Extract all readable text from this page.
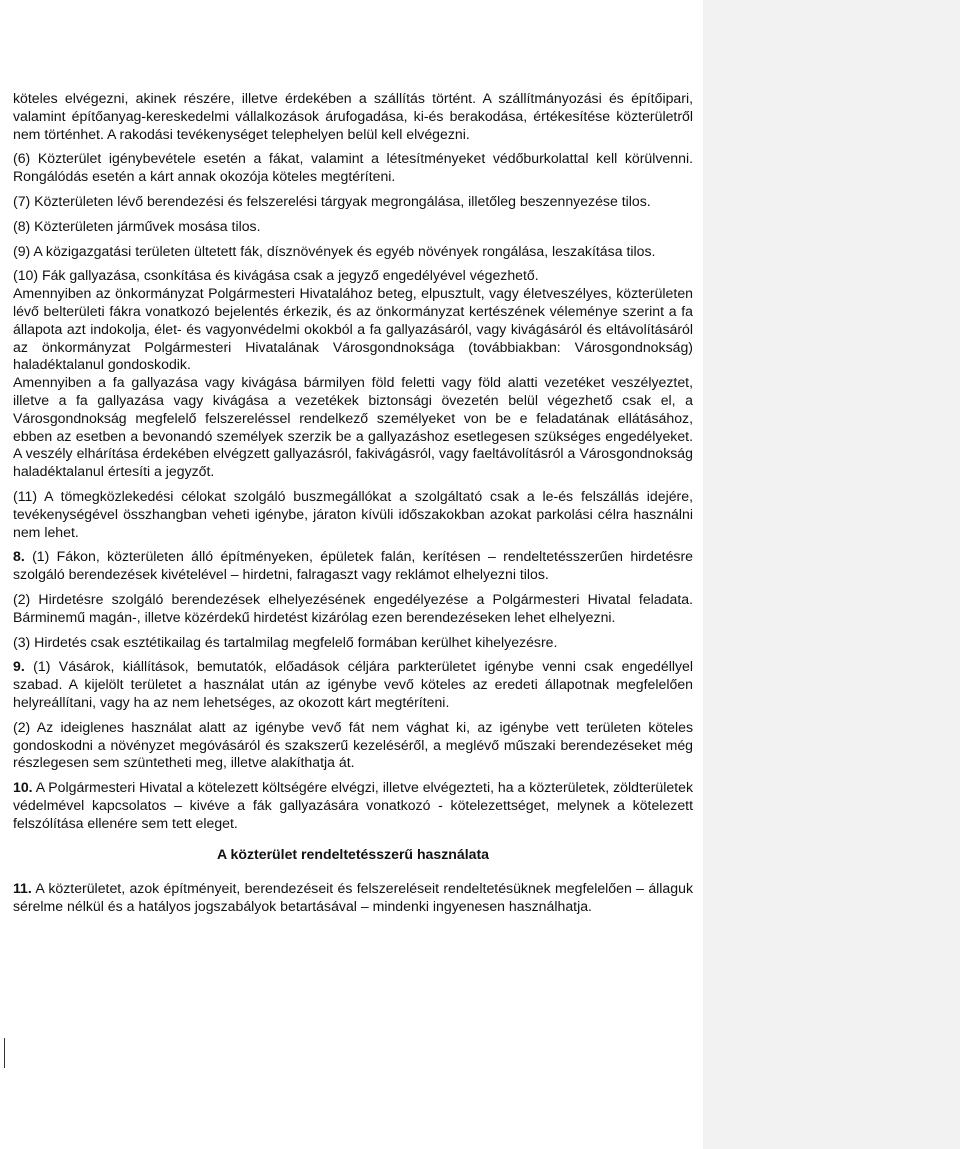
köteles elvégezni, akinek részére, illetve érdekében a szállítás történt. A szállítmányozási és építőipari, valamint építőanyag-kereskedelmi vállalkozások árufogadása, ki-és berakodása, értékesítése közterületről nem történhet. A rakodási tevékenységet telephelyen belül kell elvégezni.

(6) Közterület igénybevétele esetén a fákat, valamint a létesítményeket védőburkolattal kell körülvenni. Rongálódás esetén a kárt annak okozója köteles megtéríteni.

(7) Közterületen lévő berendezési és felszerelési tárgyak megrongálása, illetőleg beszennyezése tilos.

(8) Közterületen járművek mosása tilos.

(9) A közigazgatási területen ültetett fák, dísznövények és egyéb növények rongálása, leszakítása tilos.

(10) Fák gallyazása, csonkítása és kivágása csak a jegyző engedélyével végezhető.

Amennyiben az önkormányzat Polgármesteri Hivatalához beteg, elpusztult, vagy életveszélyes, közterületen lévő belterületi fákra vonatkozó bejelentés érkezik, és az önkormányzat kertészének véleménye szerint a fa állapota azt indokolja, élet- és vagyonvédelmi okokból a fa gallyazásáról, vagy kivágásáról és eltávolításáról az önkormányzat Polgármesteri Hivatalának Városgondnoksága (továbbiakban: Városgondnokság) haladéktalanul gondoskodik.

Amennyiben a fa gallyazása vagy kivágása bármilyen föld feletti vagy föld alatti vezetéket veszélyeztet, illetve a fa gallyazása vagy kivágása a vezetékek biztonsági övezetén belül végezhető csak el, a Városgondnokság megfelelő felszereléssel rendelkező személyeket von be e feladatának ellátásához, ebben az esetben a bevonandó személyek szerzik be a gallyazáshoz esetlegesen szükséges engedélyeket. A veszély elhárítása érdekében elvégzett gallyazásról, fakivágásról, vagy faeltávolításról a Városgondnokság haladéktalanul értesíti a jegyzőt.

(11) A tömegközlekedési célokat szolgáló buszmegállókat a szolgáltató csak a le-és felszállás idejére, tevékenységével összhangban veheti igénybe, járaton kívüli időszakokban azokat parkolási célra használni nem lehet.

8. (1) Fákon, közterületen álló építményeken, épületek falán, kerítésen – rendeltetésszerűen hirdetésre szolgáló berendezések kivételével – hirdetni, falragaszt vagy reklámot elhelyezni tilos.

(2) Hirdetésre szolgáló berendezések elhelyezésének engedélyezése a Polgármesteri Hivatal feladata. Bárminemű magán-, illetve közérdekű hirdetést kizárólag ezen berendezéseken lehet elhelyezni.

(3) Hirdetés csak esztétikailag és tartalmilag megfelelő formában kerülhet kihelyezésre.

9. (1) Vásárok, kiállítások, bemutatók, előadások céljára parkterületet igénybe venni csak engedéllyel szabad. A kijelölt területet a használat után az igénybe vevő köteles az eredeti állapotnak megfelelően helyreállítani, vagy ha az nem lehetséges, az okozott kárt megtéríteni.

(2) Az ideiglenes használat alatt az igénybe vevő fát nem vághat ki, az igénybe vett területen köteles gondoskodni a növényzet megóvásáról és szakszerű kezeléséről, a meglévő műszaki berendezéseket még részlegesen sem szüntetheti meg, illetve alakíthatja át.

10. A Polgármesteri Hivatal a kötelezett költségére elvégzi, illetve elvégezteti, ha a közterületek, zöldterületek védelmével kapcsolatos – kivéve a fák gallyazására vonatkozó - kötelezettséget, melynek a kötelezett felszólítása ellenére sem tett eleget.

A közterület rendeltetésszerű használata

11. A közterületet, azok építményeit, berendezéseit és felszereléseit rendeltetésüknek megfelelően – állaguk sérelme nélkül és a hatályos jogszabályok betartásával – mindenki ingyenesen használhatja.
